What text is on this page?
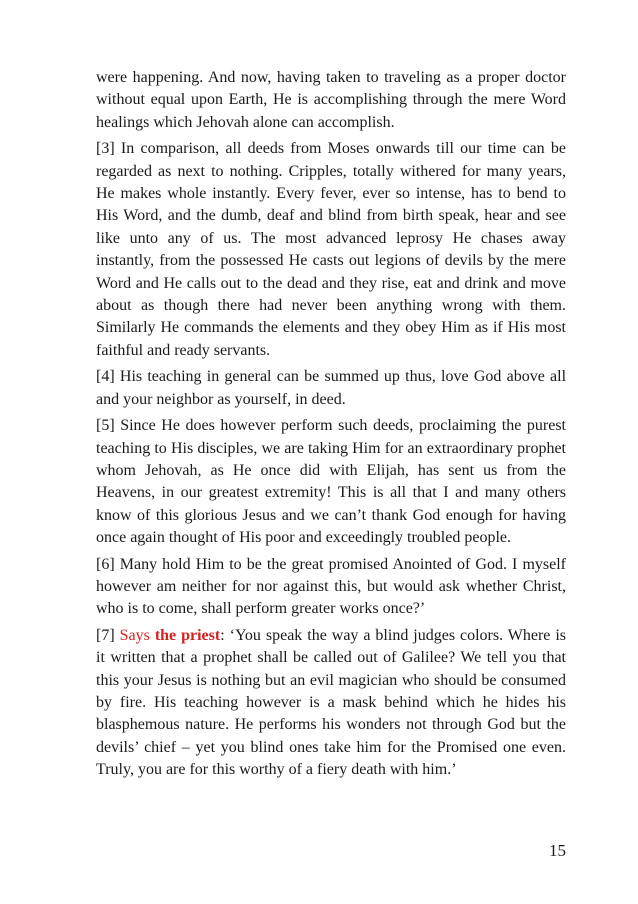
were happening. And now, having taken to traveling as a proper doctor without equal upon Earth, He is accomplishing through the mere Word healings which Jehovah alone can accomplish.

[3] In comparison, all deeds from Moses onwards till our time can be regarded as next to nothing. Cripples, totally withered for many years, He makes whole instantly. Every fever, ever so intense, has to bend to His Word, and the dumb, deaf and blind from birth speak, hear and see like unto any of us. The most advanced leprosy He chases away instantly, from the possessed He casts out legions of devils by the mere Word and He calls out to the dead and they rise, eat and drink and move about as though there had never been anything wrong with them. Similarly He commands the elements and they obey Him as if His most faithful and ready servants.

[4] His teaching in general can be summed up thus, love God above all and your neighbor as yourself, in deed.

[5] Since He does however perform such deeds, proclaiming the purest teaching to His disciples, we are taking Him for an extraordinary prophet whom Jehovah, as He once did with Elijah, has sent us from the Heavens, in our greatest extremity! This is all that I and many others know of this glorious Jesus and we can’t thank God enough for having once again thought of His poor and exceedingly troubled people.

[6] Many hold Him to be the great promised Anointed of God. I myself however am neither for nor against this, but would ask whether Christ, who is to come, shall perform greater works once?’

[7] Says the priest: ‘You speak the way a blind judges colors. Where is it written that a prophet shall be called out of Galilee? We tell you that this your Jesus is nothing but an evil magician who should be consumed by fire. His teaching however is a mask behind which he hides his blasphemous nature. He performs his wonders not through God but the devils’ chief – yet you blind ones take him for the Promised one even. Truly, you are for this worthy of a fiery death with him.’

15
